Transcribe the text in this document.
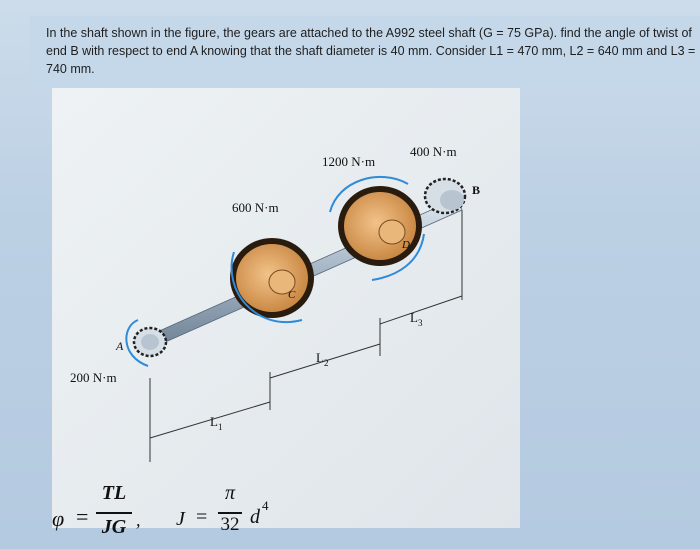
In the shaft shown in the figure, the gears are attached to the A992 steel shaft (G = 75 GPa). find the angle of twist of end B with respect to end A knowing that the shaft diameter is 40 mm. Consider L1 = 470 mm, L2 = 640 mm and L3 = 740 mm.
200 N·m
A
600 N·m
1200 N·m
400 N·m
B
C
D
$L_1$
$L_2$
$L_3$
φ =
TL
JG , J =
π
32 d
4
